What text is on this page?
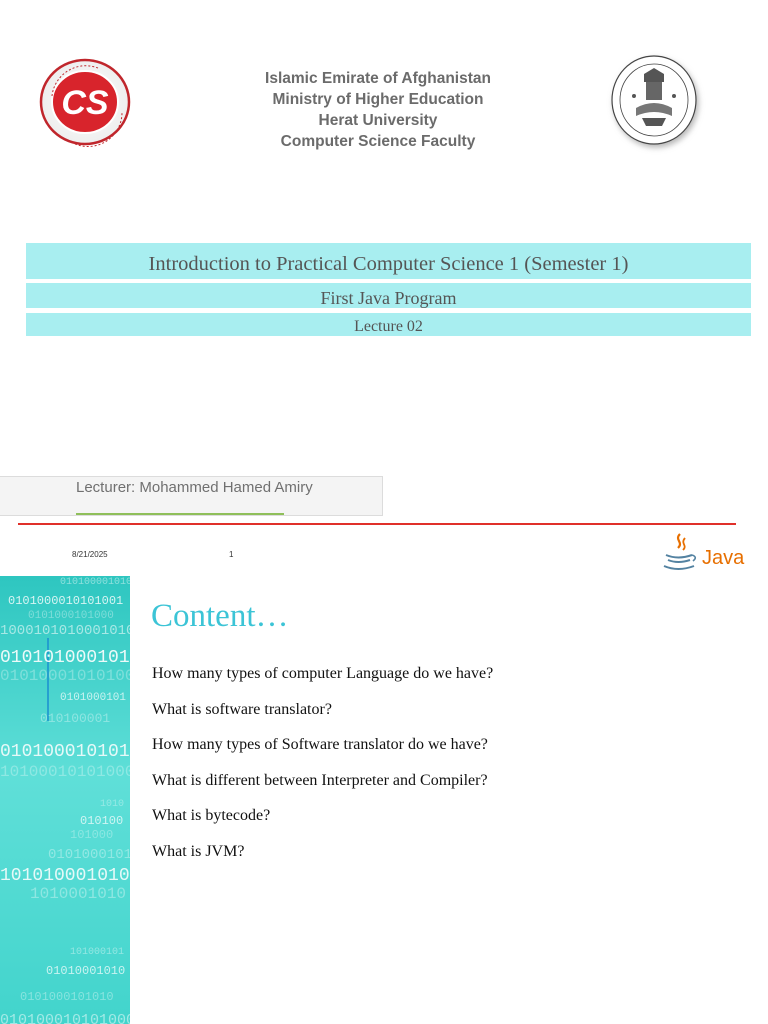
CS
Islamic Emirate of Afghanistan
Ministry of Higher Education
Herat University
Computer Science Faculty
Introduction to Practical Computer Science 1 (Semester 1)
First Java Program
Lecture 02
Lecturer: Mohammed Hamed Amiry
8/21/2025	1	Java
010100001010100
0101000010101001
0101000101000
10001010100010101
01010100010101
010100010101000
0101000101
010100001
01010001010100
10100010101000
1010
010100
101000
0101000101
10101000101010
1010001010
101000101
01010001010
0101000101010
0101000101010001
Content…
How many types of computer Language do we have?
What is software translator?
How many types of Software translator do we have?
What is different between Interpreter and Compiler?
What is bytecode?
What is JVM?
